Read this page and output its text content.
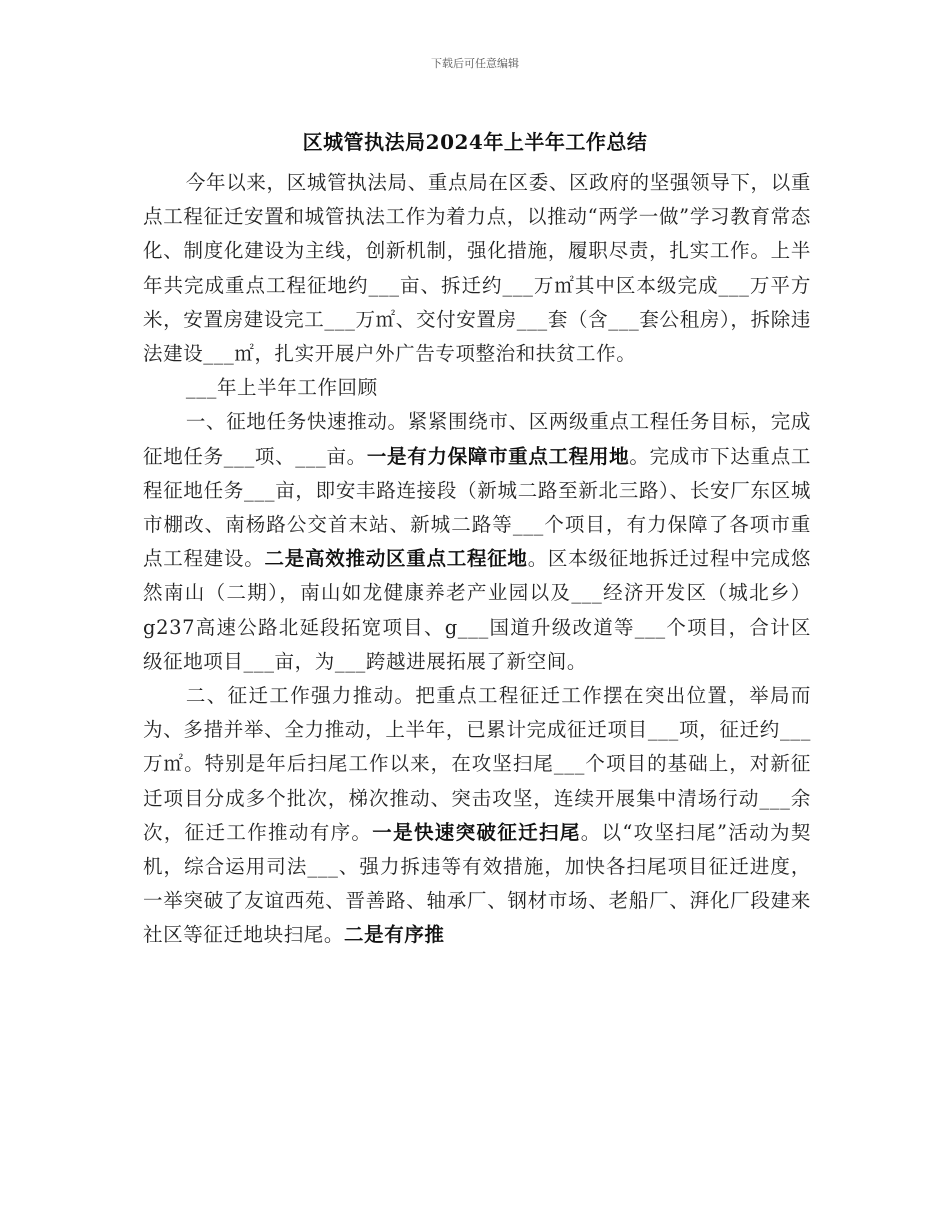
下载后可任意编辑
区城管执法局2024年上半年工作总结

今年以来，区城管执法局、重点局在区委、区政府的坚强领导下，以重点工程征迁安置和城管执法工作为着力点，以推动“两学一做”学习教育常态化、制度化建设为主线，创新机制，强化措施，履职尽责，扎实工作。上半年共完成重点工程征地约___亩、拆迁约___万㎡其中区本级完成___万平方米，安置房建设完工___万㎡、交付安置房___套（含___套公租房），拆除违法建设___㎡，扎实开展户外广告专项整治和扶贫工作。

___年上半年工作回顾

一、征地任务快速推动。紧紧围绕市、区两级重点工程任务目标，完成征地任务___项、___亩。一是有力保障市重点工程用地。完成市下达重点工程征地任务___亩，即安丰路连接段（新城二路至新北三路）、长安厂东区城市棚改、南杨路公交首末站、新城二路等___个项目，有力保障了各项市重点工程建设。二是高效推动区重点工程征地。区本级征地拆迁过程中完成悠然南山（二期），南山如龙健康养老产业园以及___经济开发区（城北乡）g237高速公路北延段拓宽项目、g___国道升级改道等___个项目，合计区级征地项目___亩，为___跨越进展拓展了新空间。

二、征迁工作强力推动。把重点工程征迁工作摆在突出位置，举局而为、多措并举、全力推动，上半年，已累计完成征迁项目___项，征迁约___万㎡。特别是年后扫尾工作以来，在攻坚扫尾___个项目的基础上，对新征迁项目分成多个批次，梯次推动、突击攻坚，连续开展集中清场行动___余次，征迁工作推动有序。一是快速突破征迁扫尾。以“攻坚扫尾”活动为契机，综合运用司法___、强力拆违等有效措施，加快各扫尾项目征迁进度，一举突破了友谊西苑、晋善路、轴承厂、钢材市场、老船厂、湃化厂段建来社区等征迁地块扫尾。二是有序推
